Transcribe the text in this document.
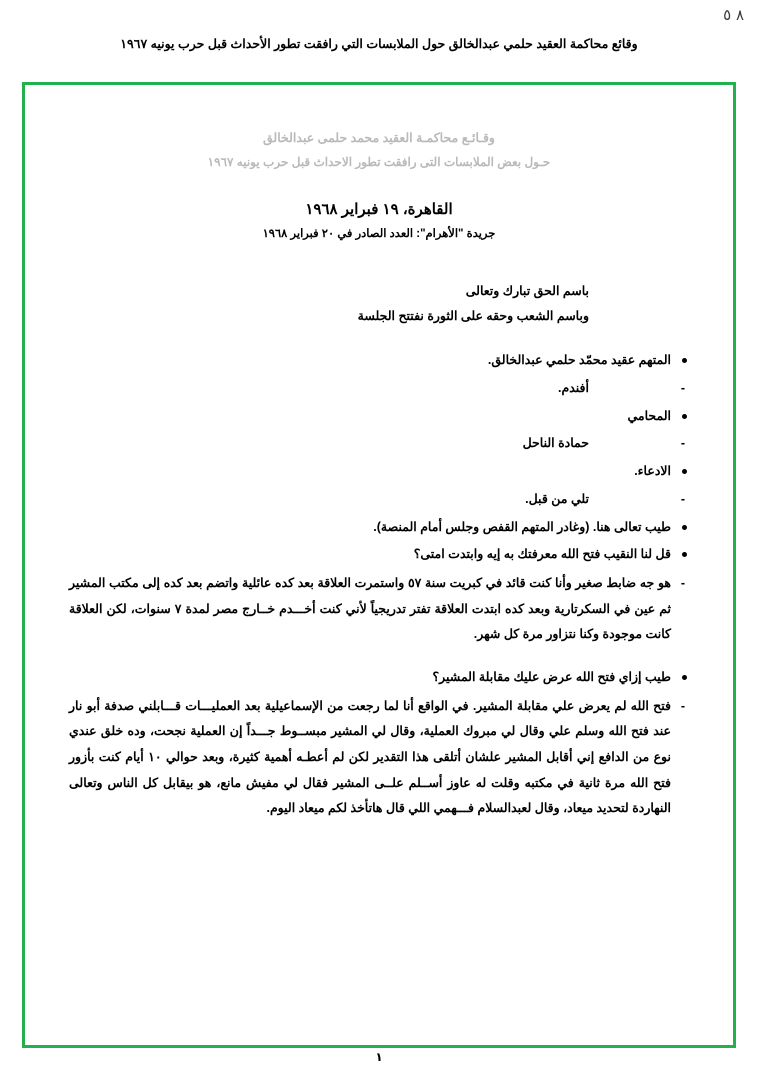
٨ ٥
وقائع محاكمة العقيد حلمي عبدالخالق حول الملابسات التي رافقت تطور الأحداث قبل حرب يونيه ١٩٦٧
وقـائـع محاكمـة العقيد محمد حلمى عبدالخالق
حـول بعض الملابسات التى رافقت تطور الاحداث قبل حرب يونيه ١٩٦٧
القاهرة، ١٩ فبراير ١٩٦٨
جريدة "الأهرام": العدد الصادر في ٢٠ فبراير ١٩٦٨
باسم الحق تبارك وتعالى
وباسم الشعب وحقه على الثورة نفتتح الجلسة
المتهم عقيد محمّد حلمي عبدالخالق.
- أفندم.
المحامي
- حمادة الناحل
الادعاء.
- تلي من قبل.
طيب تعالى هنا. (وغادر المتهم القفص وجلس أمام المنصة).
قل لنا النقيب فتح الله معرفتك به إيه وابتدت امتى؟
- هو جه ضابط صغير وأنا كنت قائد في كبريت سنة ٥٧ واستمرت العلاقة بعد كده عائلية واتضم بعد كده إلى مكتب المشير ثم عين في السكرتارية وبعد كده ابتدت العلاقة تفتر تدريجياً لأني كنت أخـــدم خــارج مصر لمدة ٧ سنوات، لكن العلاقة كانت موجودة وكنا نتزاور مرة كل شهر.
طيب إزاي فتح الله عرض عليك مقابلة المشير؟
- فتح الله لم يعرض علي مقابلة المشير. في الواقع أنا لما رجعت من الإسماعيلية بعد العمليـــات قـــابلني صدفة أبو نار عند فتح الله وسلم علي وقال لي مبروك العملية، وقال لي المشير مبســوط جـــداً إن العملية نجحت، وده خلق عندي نوع من الدافع إني أقابل المشير علشان أتلقى هذا التقدير لكن لم أعطـه أهمية كثيرة، وبعد حوالي ١٠ أيام كنت بأزور فتح الله مرة ثانية في مكتبه وقلت له عاوز أســلم علــى المشير فقال لي مفيش مانع، هو بيقابل كل الناس وتعالى النهاردة لتحديد ميعاد، وقال لعبدالسلام فـــهمي اللي قال هاتأخذ لكم ميعاد اليوم.
١
